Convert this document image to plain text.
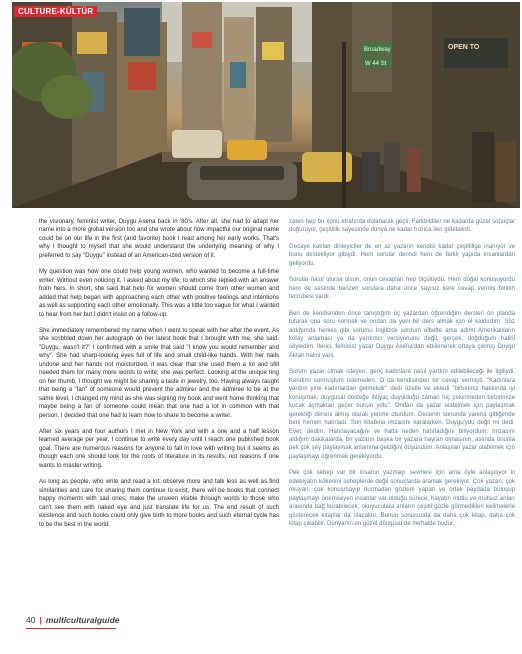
OPEN TO
Broadway
W 44 St
CULTURE-KÜLTÜR

the visionary, feminist writer, Duygu Asena back in '80's. After all, she had to adapt her name into a more global version too and she wrote about how impactful our original name could be on our life in the first (and favorite) book I read among her early works. That's why I thought to myself that she would understand the underlying meaning of why I preferred to say "Duygu" instead of an American-ized version of it.

My question was how one could help young women, who wanted to become a full-time writer. Without even noticing it, I asked about my life, to which she replied with an answer from hers. In short, she said that help for women should come from other women and added that help began with approaching each other with positive feelings and intentions as well as supporting each other emotionally. This was a little too vague for what I wanted to hear from her but I didn't insist on a follow-up.

She immediately remembered my name when I went to speak with her after the event. As she scribbled down her autograph on her latest book that I brought with me, she said, "Duygu, wasn't it?" I confirmed with a smile that said "I know you would remember and why". She had sharp-looking eyes full of life and small child-like hands. With her nails undone and her hands not moisturized, it was clear that she used them a lot and still needed them for many more words to write; she was perfect. Looking at the unique ring on her thumb, I thought we might be sharing a taste in jewelry, too. Having always taught that being a "fan" of someone would prevent the admirer and the admiree to be at the same level, I changed my mind as she was signing my book and went home thinking that maybe being a fan of someone could mean that one had a lot in common with that person. I decided that one had to learn how to share to become a writer.

After six years and four authors I met in New York and with a one and a half lesson learned average per year, I continue to write every day until I reach one published book goal. There are numerous reasons for anyone to fall in love with writing but it seems as though each one should look for the roots of literature in its results, not reasons if one wants to master writing.

As long as people, who write and read a lot; observe more and talk less as well as find similarities and care for sharing them continue to exist, there will be books that connect happy moments with sad ones; make the unseen visible through words to those who can't see them with naked eye and just translate life for us. The end result of such existence and such books could only give birth to more books and such eternal cycle has to be the best in the world.

zaten hep bu konu etrafında dolanarak geçti. Farkbildiler ne kadarda güzel sonuçlar doğuruyor, çeşitlilik sayesinde dünya ne kadar hızlıca ileri gidebilirdi.

Gecaye katılan dinleyiciler de en az yazarın kendisi kadar çeşitlilige inanıyor ve bunu destekliyor gibiydi. Hem sorular derindi hem de farklı yapıda insanlardan geliyordu.

Sorular nasıl olursa olsun, onun cevapları hep ölçülüydü. Hem doğal konuşuyordu hem de sesinde benzeri sorulara daha önce sayısız kere cevap vermiş birinin tecrübesi vardı.

Ben de kendisinden önce tanıştığım üç yazardan öğrendiğim dersleri ön planda tutarak ona soru sormak ve ondan da yeni bir ders almak için el kaldırdım. Söz aldığımda herkes gibi sorumu İngilizce sordum elbette ama adımı Amerikalıların kolay anlaması ya da yardımcı versiyonunu değil, gerçek, doğduğum halini söyledim. İlerici, feminist yazar Duygu Asena'dan etkilenerek ortaya çıkmış Duygu Aktan halini yani.

Sorum yazar olmak isteyen, genç kadınlara nasıl yardım edilebileceği ile ilgiliydi. Kendimi sormuştum istemeden. O da kendisinden bir cevap vermişti. "Kadınlara yardım yine kadınlardan gelmelidir" dedi özetle ve ekledi "birbirimiz hakkında iyi konuşmak, duygusal desteğe ihtiyaç duyulduğu zaman hiç çekinmeden birbirimize kucak açmaktan geçer bunun yolu". Ondan da yazar olabilmek için paylaşmak gerektiği dersini almış olarak yerime oturdum. Gecenin sonunda yanına gittiğimde beni hemen hatırladı. Son kitabına imzasını karalarken, Duygu'ydu değil mi dedi. Evet, dedim. Hatırlayacağını ve hatta neden hatırladığını biliyordum. İmzasını aldığım dakikalarda, bir yazarın başka bir yazara hayran olmasının, aslında onunla pek çok şey paylaşmak anlamına geldiğini düşündüm. Anlaşılan yazar olabilmek için paylaşmayı öğrenmek gerekiyordu.

Pek çok sebep var bir insanın yazmayı sevmesi için ama öyle anlaşılıyor ki edebiyatın kökenini sebeplerde değil sonuçlarda aramak gerekiyor. Çok yazan, çok okuyan, çok konuşmayıp durmadan gözlem yapan ve ortak paydada buluşup paylaşmayı önemseyen insanlar var olduğu sürece, hayatın mutlu ve mutsuz anları arasında bağ kurabilecek, okuyuculara anların çeşitli gözle görmedikleri kelimelerle gösterecek kitaplar da olacaktır. Bunun sonucunda da daha çok kitap, daha çok kitap çıkabilir. Dünyanın en güzel döngüsü de herhalde budur.

40 | multiculturalguide
